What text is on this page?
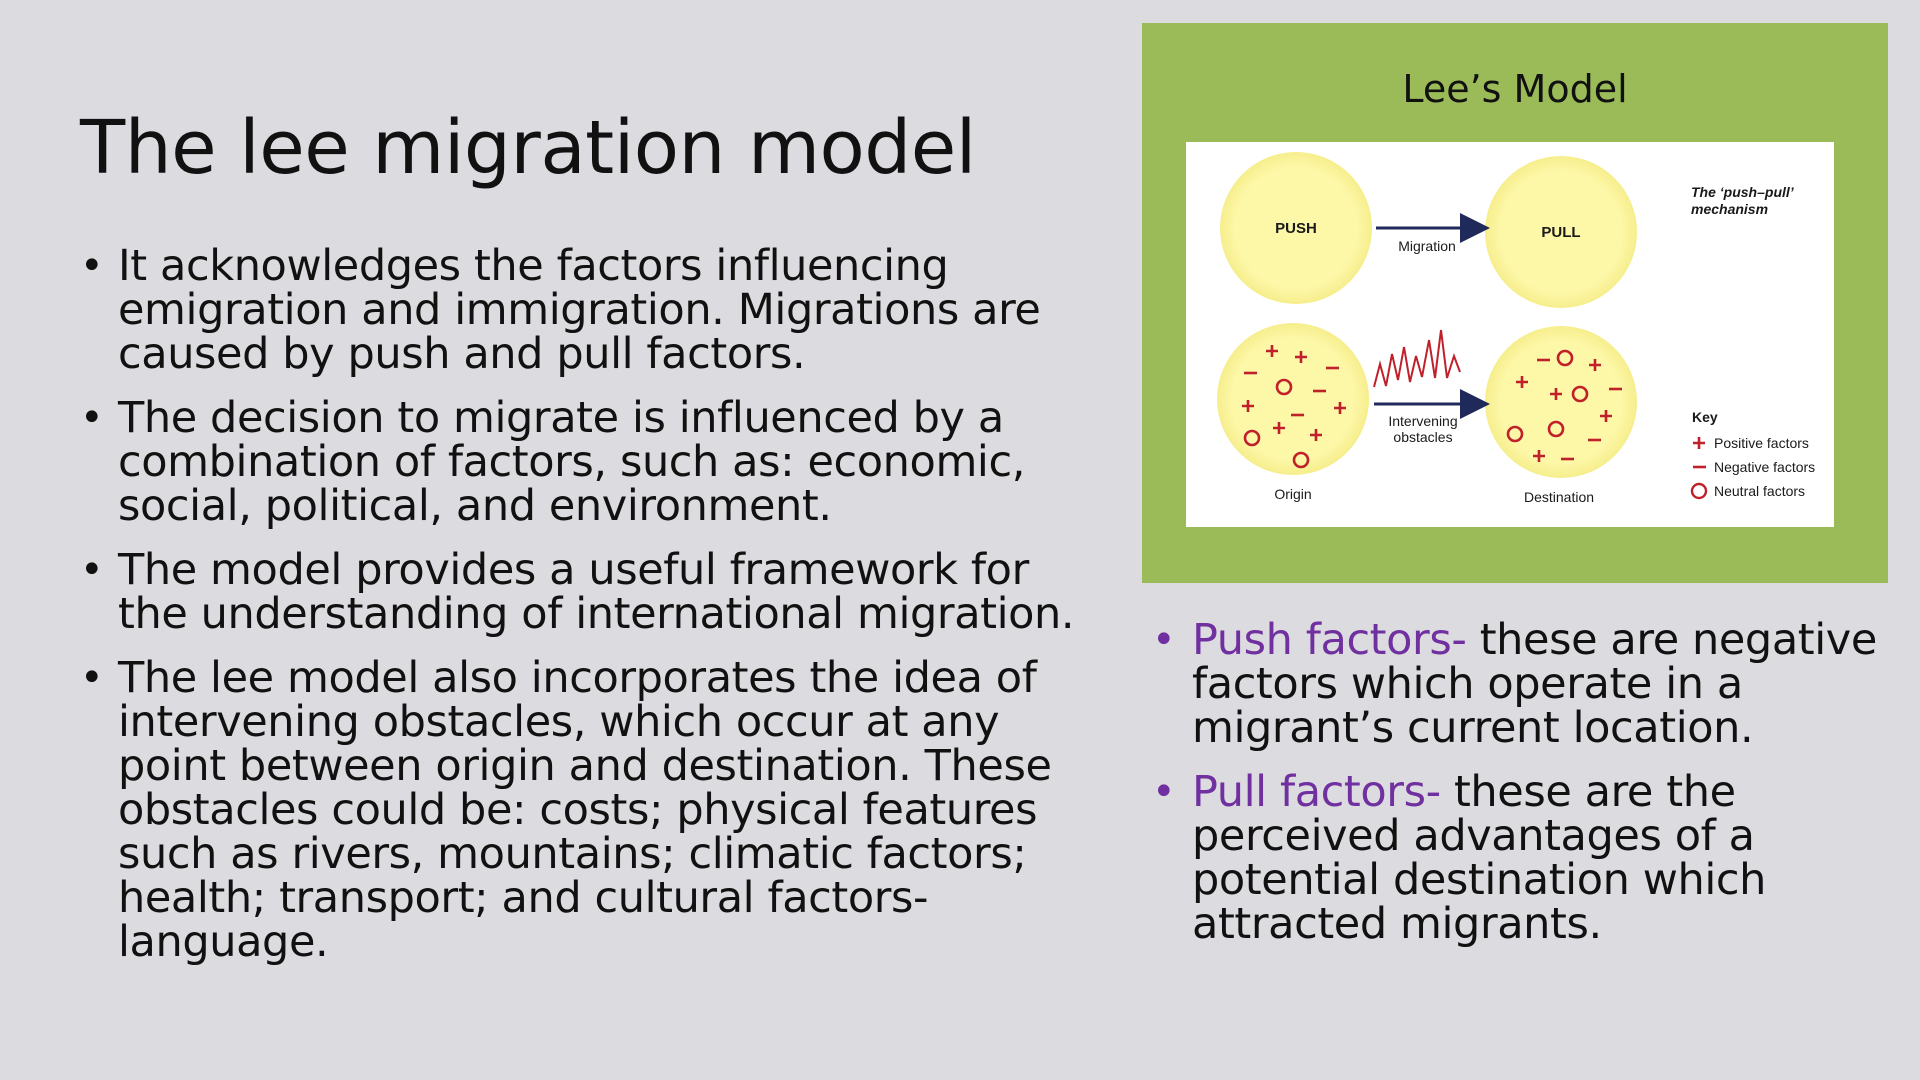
The lee migration model
• It acknowledges the factors influencing emigration and immigration. Migrations are caused by push and pull factors.
• The decision to migrate is influenced by a combination of factors, such as: economic, social, political, and environment.
• The model provides a useful framework for the understanding of international migration.
• The lee model also incorporates the idea of intervening obstacles, which occur at any point between origin and destination. These obstacles could be: costs; physical features such as rivers, mountains; climatic factors; health; transport; and cultural factors- language.
Lee’s Model
PUSH	PULL
Migration
The ‘push–pull’
mechanism
Intervening
obstacles
Origin	Destination
Key
Positive factors
Negative factors
Neutral factors
• Push factors- these are negative factors which operate in a migrant’s current location.
• Pull factors- these are the perceived advantages of a potential destination which attracted migrants.
